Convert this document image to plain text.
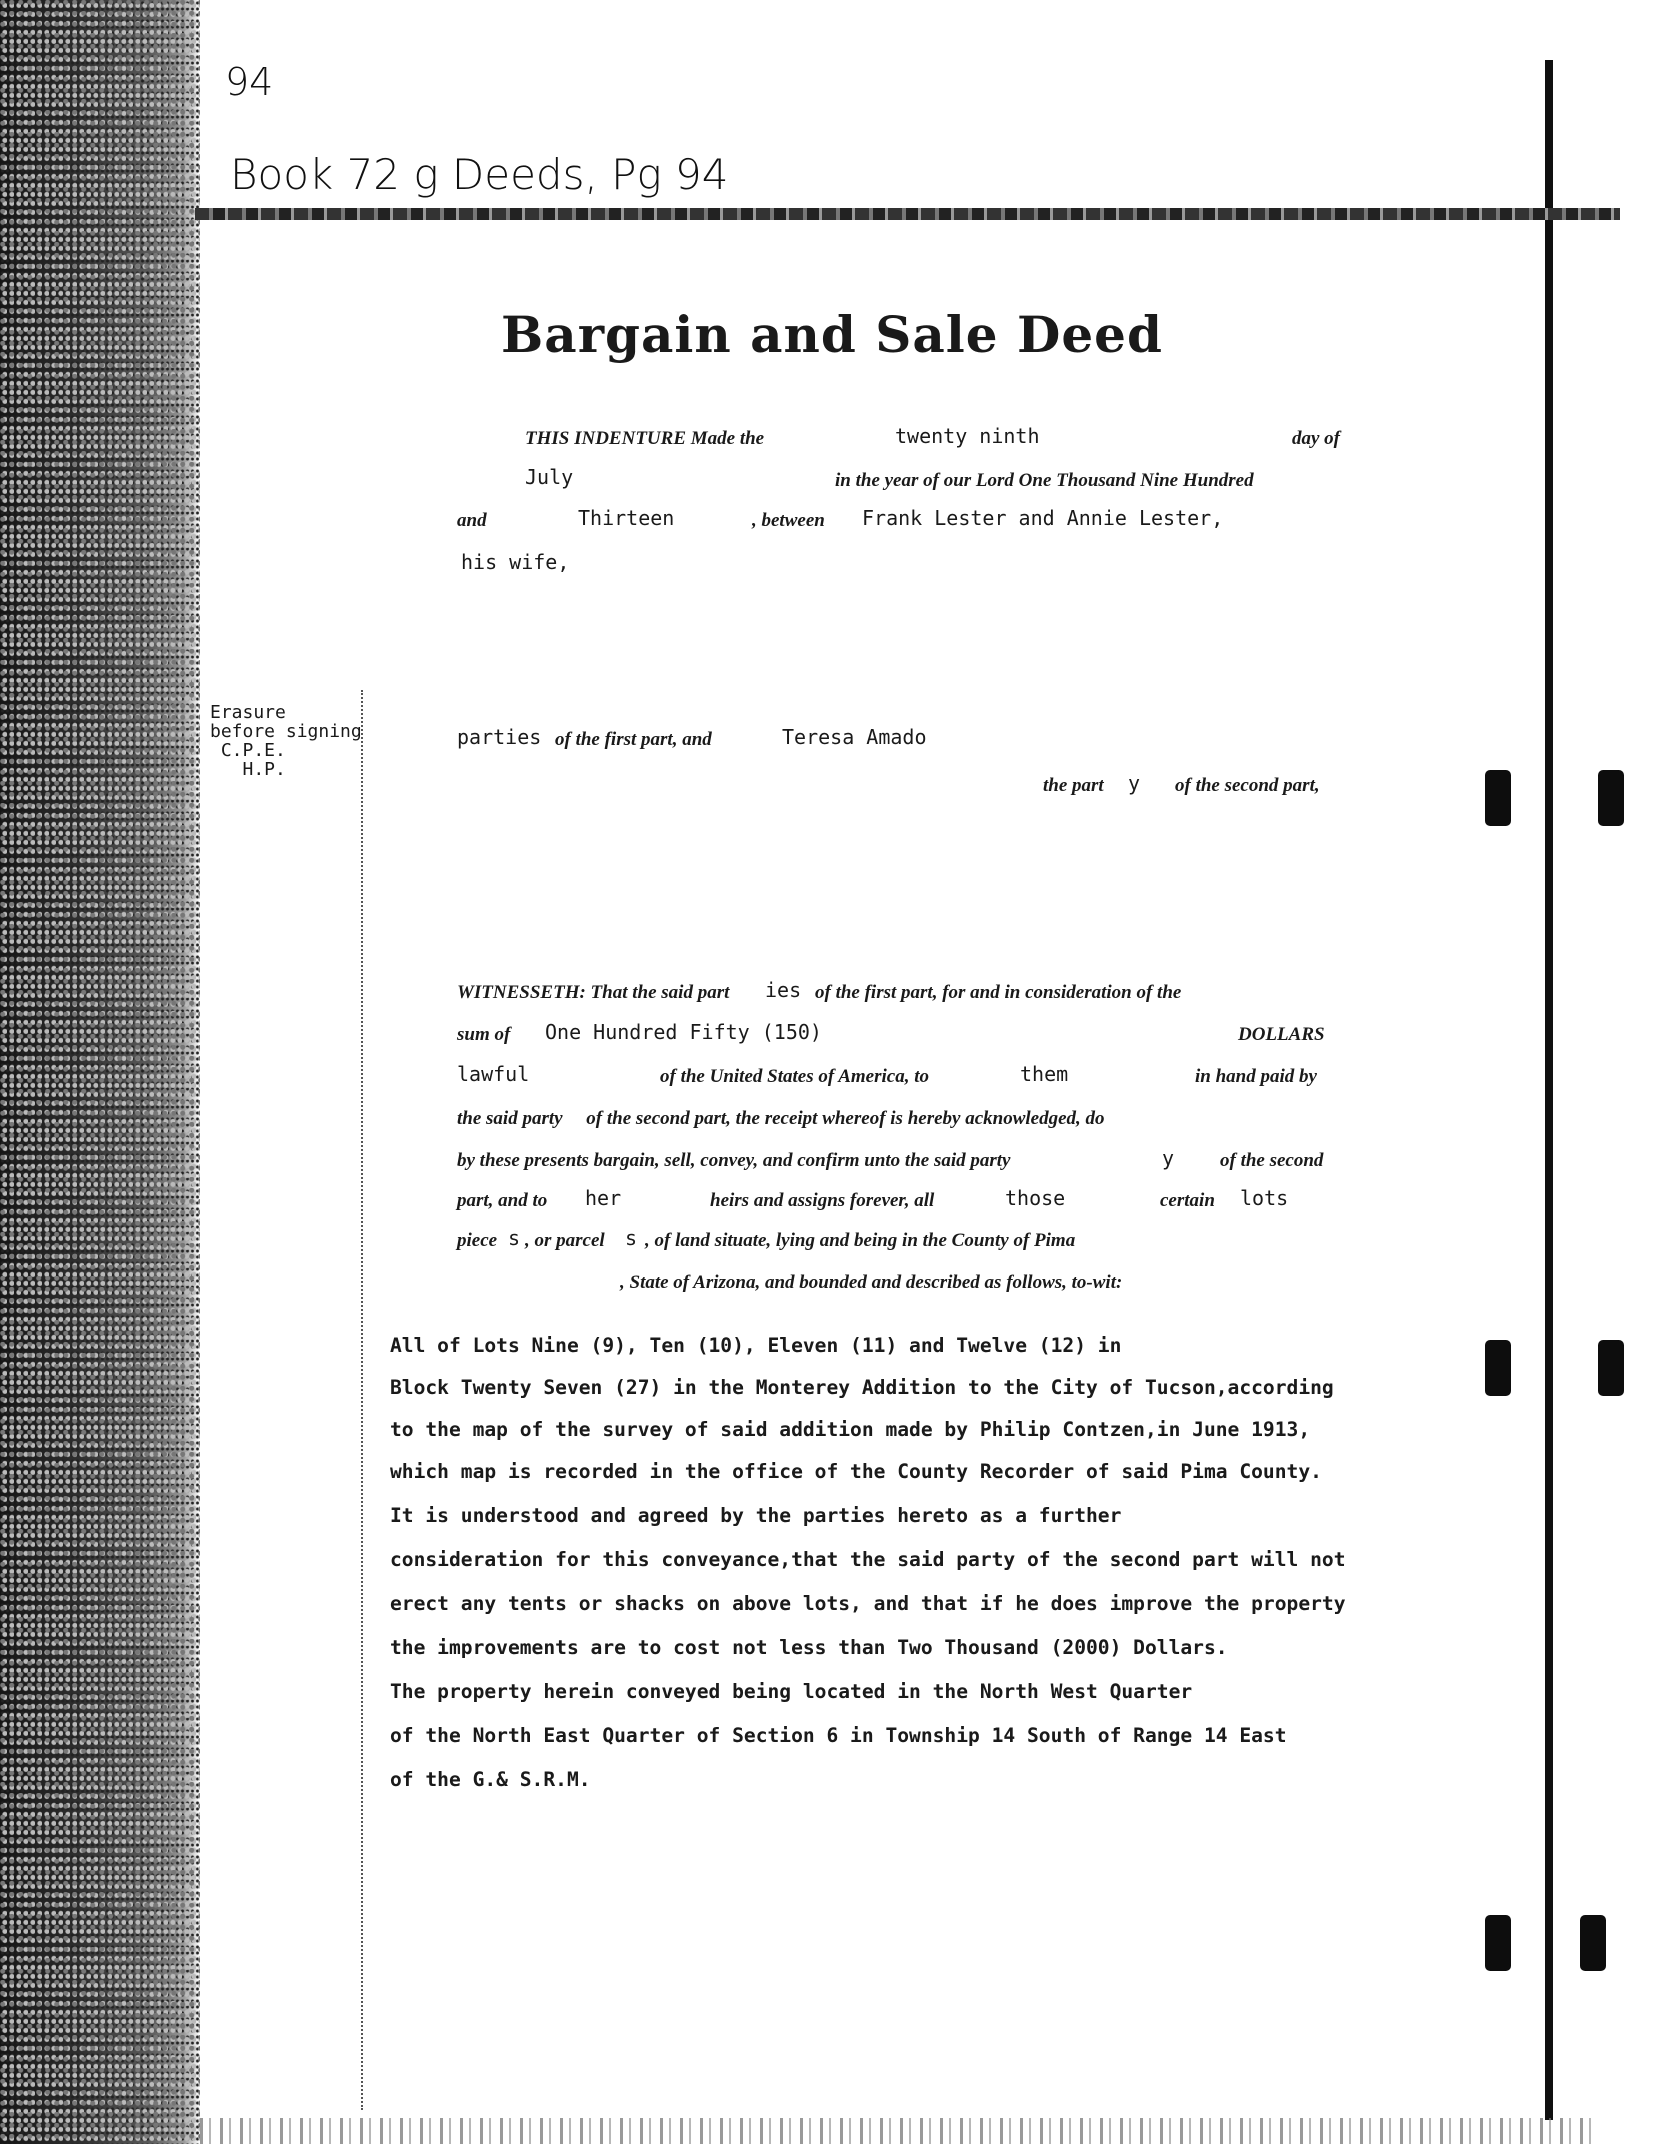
94
Book 72 g Deeds, Pg 94
Bargain and Sale Deed
THIS INDENTURE Made the	twenty ninth	day of
July	in the year of our Lord One Thousand Nine Hundred
and	Thirteen	, between Frank Lester and Annie Lester,
his wife,
Erasure
before signing
C.P.E.
H.P.
parties of the first part, and	Teresa Amado
the part y of the second part,
WITNESSETH: That the said part ies of the first part, for and in consideration of the
sum of One Hundred Fifty (150)	DOLLARS
lawful	of the United States of America, to	them	in hand paid by
the said party     of the second part, the receipt whereof is hereby acknowledged, do
by these presents bargain, sell, convey, and confirm unto the said party	y of the second
part, and to her	heirs and assigns forever, all	those	certain lots
piece s , or parcel s , of land situate, lying and being in the County of Pima
, State of Arizona, and bounded and described as follows, to-wit:
All of Lots Nine (9), Ten (10), Eleven (11) and Twelve (12) in
Block Twenty Seven (27) in the Monterey Addition to the City of Tucson,according
to the map of the survey of said addition made by Philip Contzen,in June 1913,
which map is recorded in the office of the County Recorder of said Pima County.
It is understood and agreed by the parties hereto as a further
consideration for this conveyance,that the said party of the second part will not
erect any tents or shacks on above lots, and that if he does improve the property
the improvements are to cost not less than Two Thousand (2000) Dollars.
The property herein conveyed being located in the North West Quarter
of the North East Quarter of Section 6 in Township 14 South of Range 14 East
of the G.& S.R.M.
